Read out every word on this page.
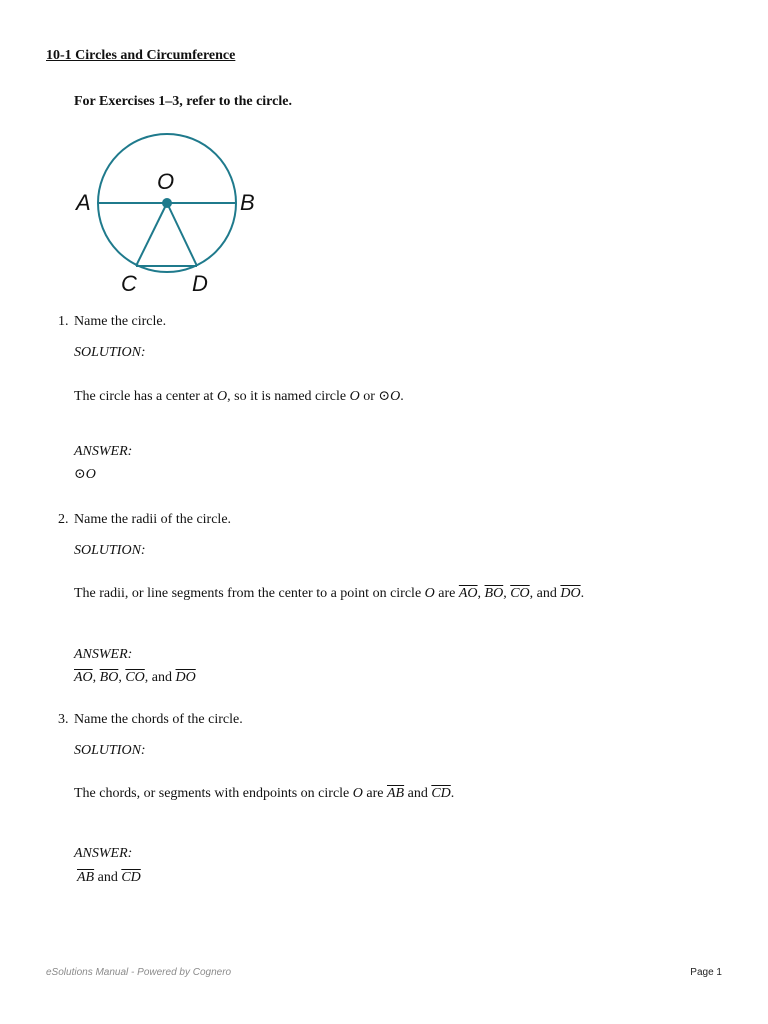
10-1 Circles and Circumference
For Exercises 1–3, refer to the circle.
O
A	B
C	D
1. Name the circle.
SOLUTION:
The circle has a center at O, so it is named circle O or ⊙O.
ANSWER:
⊙O
2. Name the radii of the circle.
SOLUTION:
The radii, or line segments from the center to a point on circle O are $\overline{AO}$, $\overline{BO}$, $\overline{CO}$, and $\overline{DO}$.
ANSWER:
$\overline{AO}$, $\overline{BO}$, $\overline{CO}$, and $\overline{DO}$
3. Name the chords of the circle.
SOLUTION:
The chords, or segments with endpoints on circle O are $\overline{AB}$ and $\overline{CD}$.
ANSWER:
$\overline{AB}$ and $\overline{CD}$
eSolutions Manual - Powered by Cognero	Page 1
